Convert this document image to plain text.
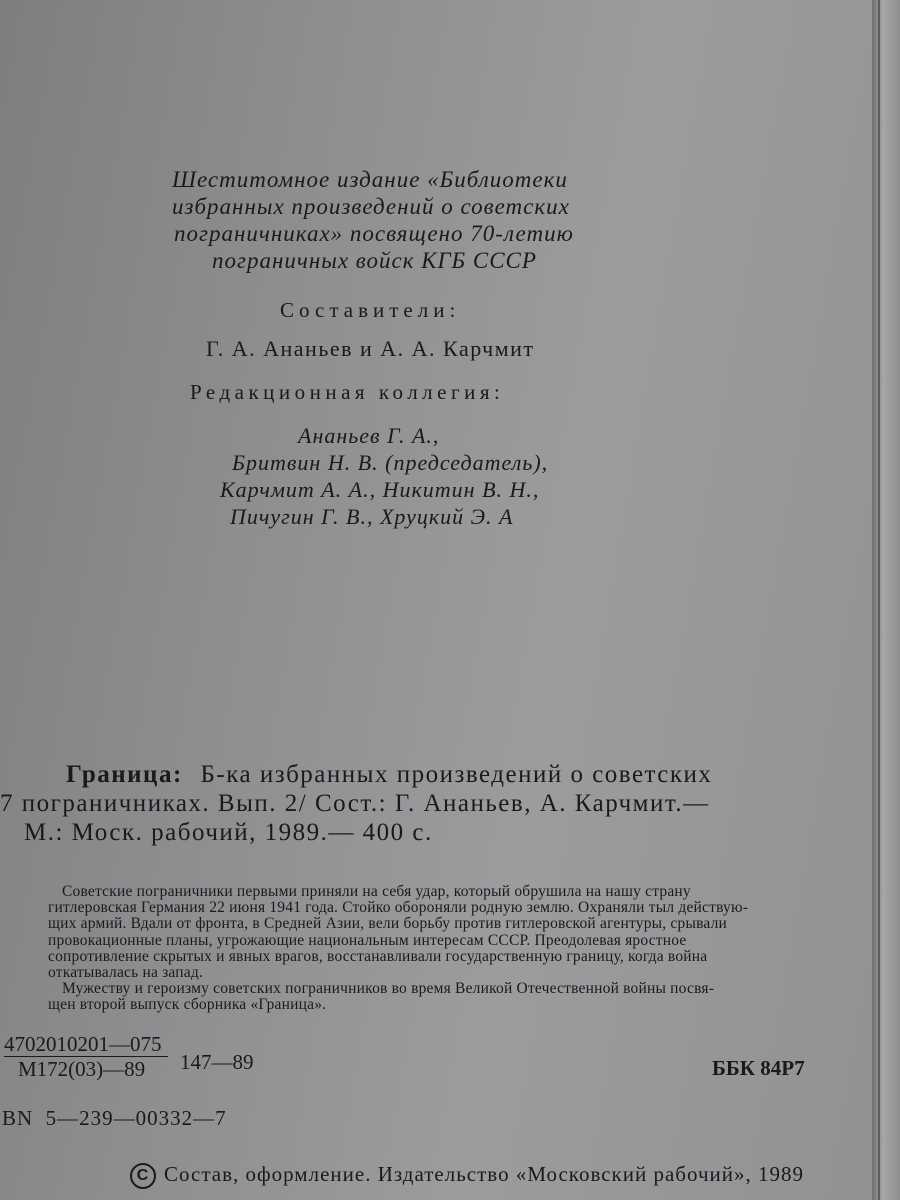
Шеститомное издание «Библиотеки
избранных произведений о советских
пограничниках» посвящено 70-летию
пограничных войск КГБ СССР
Составители:
Г. А. Ананьев и А. А. Карчмит
Редакционная коллегия:
Ананьев Г. А.,
Бритвин Н. В. (председатель),
Карчмит А. А., Никитин В. Н.,
Пичугин Г. В., Хруцкий Э. А
Граница: Б-ка избранных произведений о советских
7 пограничниках. Вып. 2/ Сост.: Г. Ананьев, А. Карчмит.—
М.: Моск. рабочий, 1989.— 400 с.
Советские пограничники первыми приняли на себя удар, который обрушила на нашу страну
гитлеровская Германия 22 июня 1941 года. Стойко обороняли родную землю. Охраняли тыл действую-
щих армий. Вдали от фронта, в Средней Азии, вели борьбу против гитлеровской агентуры, срывали
провокационные планы, угрожающие национальным интересам СССР. Преодолевая яростное
сопротивление скрытых и явных врагов, восстанавливали государственную границу, когда война
откатывалась на запад.
Мужеству и героизму советских пограничников во время Великой Отечественной войны посвя-
щен второй выпуск сборника «Граница».
4702010201—075
М172(03)—89	147—89	ББК 84Р7
BN  5—239—00332—7
C Состав, оформление. Издательство «Московский рабочий», 1989
